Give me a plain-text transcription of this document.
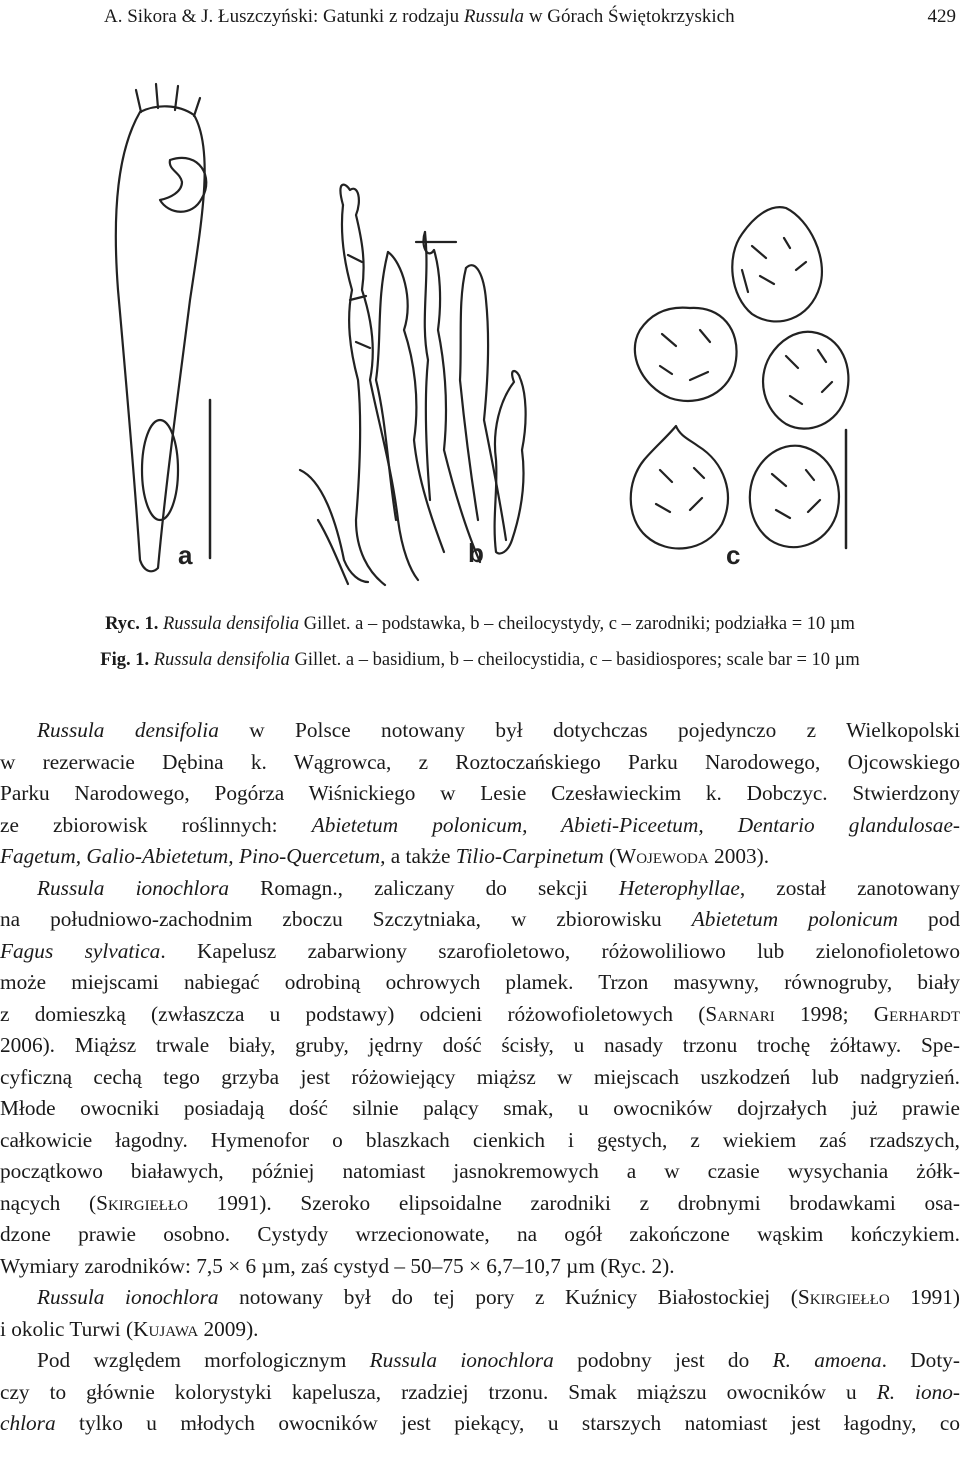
A. Sikora & J. Łuszczyński: Gatunki z rodzaju Russula w Górach Świętokrzyskich	429
a	b	c
Ryc. 1. Russula densifolia Gillet. a – podstawka, b – cheilocystydy, c – zarodniki; podziałka = 10 µm
Fig. 1. Russula densifolia Gillet. a – basidium, b – cheilocystidia, c – basidiospores; scale bar = 10 µm
Russula densifolia w Polsce notowany był dotychczas pojedynczo z Wielkopolski
w rezerwacie Dębina k. Wągrowca, z Roztoczańskiego Parku Narodowego, Ojcowskiego
Parku Narodowego, Pogórza Wiśnickiego w Lesie Czesławieckim k. Dobczyc. Stwierdzony
ze zbiorowisk roślinnych: Abietetum polonicum, Abieti-Piceetum, Dentario glandulosae-
Fagetum, Galio-Abietetum, Pino-Quercetum, a także Tilio-Carpinetum (Wojewoda 2003).
Russula ionochlora Romagn., zaliczany do sekcji Heterophyllae, został zanotowany
na południowo-zachodnim zboczu Szczytniaka, w zbiorowisku Abietetum polonicum pod
Fagus sylvatica. Kapelusz zabarwiony szarofioletowo, różowoliliowo lub zielonofioletowo
może miejscami nabiegać odrobiną ochrowych plamek. Trzon masywny, równogruby, biały
z domieszką (zwłaszcza u podstawy) odcieni różowofioletowych (Sarnari 1998; Gerhardt
2006). Miąższ trwale biały, gruby, jędrny dość ścisły, u nasady trzonu trochę żółtawy. Spe-
cyficzną cechą tego grzyba jest różowiejący miąższ w miejscach uszkodzeń lub nadgryzień.
Młode owocniki posiadają dość silnie palący smak, u owocników dojrzałych już prawie
całkowicie łagodny. Hymenofor o blaszkach cienkich i gęstych, z wiekiem zaś rzadszych,
początkowo białawych, później natomiast jasnokremowych a w czasie wysychania żółk-
nących (Skirgiełło 1991). Szeroko elipsoidalne zarodniki z drobnymi brodawkami osa-
dzone prawie osobno. Cystydy wrzecionowate, na ogół zakończone wąskim kończykiem.
Wymiary zarodników: 7,5 × 6 µm, zaś cystyd – 50–75 × 6,7–10,7 µm (Ryc. 2).
Russula ionochlora notowany był do tej pory z Kuźnicy Białostockiej (Skirgiełło 1991)
i okolic Turwi (Kujawa 2009).
Pod względem morfologicznym Russula ionochlora podobny jest do R. amoena. Doty-
czy to głównie kolorystyki kapelusza, rzadziej trzonu. Smak miąższu owocników u R. iono-
chlora tylko u młodych owocników jest piekący, u starszych natomiast jest łagodny, co
